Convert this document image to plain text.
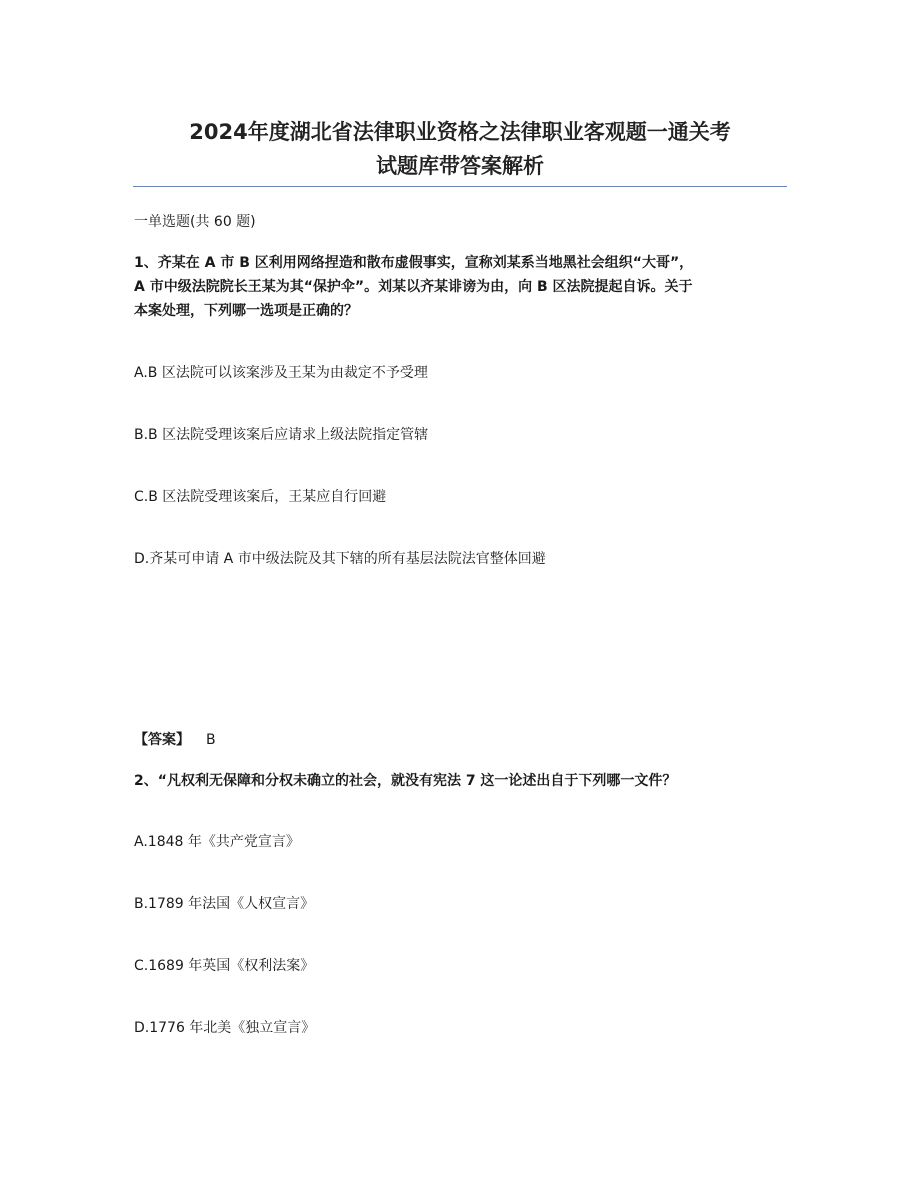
2024年度湖北省法律职业资格之法律职业客观题一通关考
试题库带答案解析
一单选题(共 60 题)
1、齐某在 A 市 B 区利用网络捏造和散布虚假事实，宣称刘某系当地黑社会组织“大哥”，
A 市中级法院院长王某为其“保护伞”。刘某以齐某诽谤为由，向 B 区法院提起自诉。关于
本案处理，下列哪一选项是正确的？
A.B 区法院可以该案涉及王某为由裁定不予受理
B.B 区法院受理该案后应请求上级法院指定管辖
C.B 区法院受理该案后，王某应自行回避
D.齐某可申请 A 市中级法院及其下辖的所有基层法院法官整体回避
【答案】 B
2、“凡权利无保障和分权未确立的社会，就没有宪法 7 这一论述出自于下列哪一文件？
A.1848 年《共产党宣言》
B.1789 年法国《人权宣言》
C.1689 年英国《权利法案》
D.1776 年北美《独立宣言》
